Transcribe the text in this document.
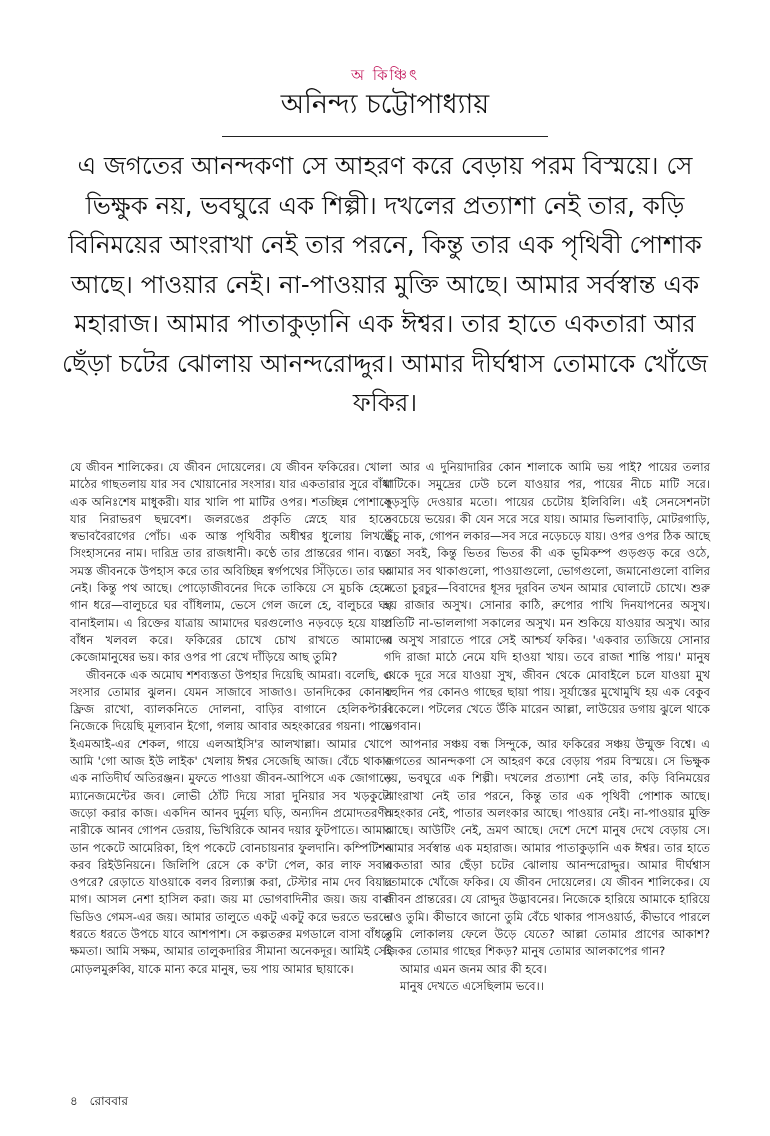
অ কিঞ্চিৎ
অনিন্দ্য চট্টোপাধ্যায়
এ জগতের আনন্দকণা সে আহরণ করে বেড়ায় পরম বিস্ময়ে। সে ভিক্ষুক নয়, ভবঘুরে এক শিল্পী। দখলের প্রত্যাশা নেই তার, কড়ি বিনিময়ের আংরাখা নেই তার পরনে, কিন্তু তার এক পৃথিবী পোশাক আছে। পাওয়ার নেই। না-পাওয়ার মুক্তি আছে। আমার সর্বস্বান্ত এক মহারাজ। আমার পাতাকুড়ানি এক ঈশ্বর। তার হাতে একতারা আর ছেঁড়া চটের ঝোলায় আনন্দরোদ্দুর। আমার দীর্ঘশ্বাস তোমাকে খোঁজে ফকির।

যে জীবন শালিকের। যে জীবন দোয়েলের। যে জীবন ফকিরের। খোলা মাঠের গাছতলায় যার সব খোয়ানোর সংসার। যার একতারার সুরে বাঁধা এক অনিঃশেষ মাধুকরী। যার খালি পা মাটির ওপর। শতচ্ছিন্ন পোশাকে যার নিরাভরণ ছদ্মবেশ। জলরঙের প্রকৃতি স্নেহে যার হাতে স্বভাববৈরাগের পোঁচ। এক আস্ত পৃথিবীর অধীশ্বর ধুলোয় লিখছে সিংহাসনের নাম। দারিদ্র তার রাজধানী। কণ্ঠে তার প্রান্তরের গান। ব্যস্ত সমস্ত জীবনকে উপহাস করে তার অবিচ্ছিন্ন স্বর্গপথের সিঁড়িতে। তার ঘর নেই। কিন্তু পথ আছে। পোড়োজীবনের দিকে তাকিয়ে সে মুচকি হেসে গান ধরে—বালুচরে ঘর বাঁধিলাম, ভেসে গেল জলে হে, বালুচরে ঘর বানাইলাম। এ রিক্তের যাত্রায় আমাদের ঘরগুলোও নড়বড়ে হয়ে যায়। বাঁধন খলবল করে। ফকিরের চোখে চোখ রাখতে আমাদের কেজোমানুষের ভয়। কার ওপর পা রেখে দাঁড়িয়ে আছ তুমি?

জীবনকে এক অমোঘ শশব্যস্ততা উপহার দিয়েছি আমরা। বলেছি, এ সংসার তোমার ঝুলন। যেমন সাজাবে সাজাও। ডানদিকের কোনায় ফ্রিজ রাখো, ব্যালকনিতে দোলনা, বাড়ির বাগানে হেলিকপ্টার। নিজেকে দিয়েছি মূল্যবান ইগো, গলায় আবার অহংকারের গয়না। পায়ে ইএমআই-এর শেকল, গায়ে এলআইসি'র আলখাল্লা। আমার খোপে আমি 'গো আজ ইউ লাইক' খেলায় ঈশ্বর সেজেছি আজ। বেঁচে থাকার এক নাতিদীর্ঘ অতিরঞ্জন। মুফতে পাওয়া জীবন-আপিসে এক জোগাড়ে ম্যানেজমেন্টের জব। লোভী ঠোঁট দিয়ে সারা দুনিয়ার সব খড়কুটো জড়ো করার কাজ। একদিন আনব দুর্মূল্য ঘড়ি, অন্যদিন প্রমোদতরণী। নারীকে আনব গোপন ডেরায়, ভিখিরিকে আনব দয়ার ফুটপাতে। আমার ডান পকেটে আমেরিকা, হিপ পকেটে বোনচায়নার ফুলদানি। কম্পিটিশন করব রিইউনিয়নে। জিলিপি রেসে কে ক'টা পেল, কার লাফ সবার ওপরে? রেড়াতে যাওয়াকে বলব রিল্যাক্স করা, টেস্টার নাম দেব বিয়ার মাগ। আসল নেশা হাসিল করা। জয় মা ভোগবাদিনীর জয়। জয় বাবা ভিডিও গেমস-এর জয়। আমার তালুতে একটু একটু করে ভরতে ভরতে ধরতে ধরতে উপচে যাবে আশপাশ। সে কল্পতরুর মগডালে বাসা বাঁধবে ক্ষমতা। আমি সক্ষম, আমার তালুকদারির সীমানা অনেকদূর। আমিই সেই মোড়লমুরুব্বি, যাকে মান্য করে মানুষ, ভয় পায় আমার ছায়াকে।

আর এ দুনিয়াদারির কোন শালাকে আমি ভয় পাই? পায়ের তলার মাটিকে। সমুদ্রের ঢেউ চলে যাওয়ার পর, পায়ের নীচে মাটি সরে। সুড়সুড়ি দেওয়ার মতো। পায়ের চেটোয় ইলিবিলি। এই সেনসেশনটা সবচেয়ে ভয়ের। কী যেন সরে সরে যায়। আমার ভিলাবাড়ি, মোটরগাড়ি, উঁচু নাক, গোপন লকার—সব সরে নড়েচড়ে যায়। ওপর ওপর ঠিক আছে তো সবই, কিন্তু ভিতর ভিতর কী এক ভূমিকম্প গুড়গুড় করে ওঠে, আমার সব থাকাগুলো, পাওয়াগুলো, ভোগগুলো, জমানোগুলো বালির মতো চুরচুর—বিবাদের ধূসর দূরবিন তখন আমার ঘোলাটে চোখে। শুরু হয় রাজার অসুখ। সোনার কাঠি, রুপোর পাখি দিনযাপনের অসুখ। প্রতিটি না-ভাললাগা সকালের অসুখ। মন শুকিয়ে যাওয়ার অসুখ। আর এ অসুখ সারাতে পারে সেই আশ্চর্য ফকির। 'একবার ত্যজিয়ে সোনার গদি রাজা মাঠে নেমে যদি হাওয়া খায়। তবে রাজা শান্তি পায়।' মানুষ থেকে দূরে সরে যাওয়া সুখ, জীবন থেকে মোবাইলে চলে যাওয়া মুখ বহুদিন পর কোনও গাছের ছায়া পায়। সূর্যাস্তের মুখোমুখি হয় এক বেকুব বিকেলে। পটলের খেতে উঁকি মারেন আল্লা, লাউয়ের ডগায় ঝুলে থাকে ভগবান।

আপনার সঞ্চয় বন্ধ সিন্দুকে, আর ফকিরের সঞ্চয় উন্মুক্ত বিশ্বে। এ জগতের আনন্দকণা সে আহরণ করে বেড়ায় পরম বিস্ময়ে। সে ভিক্ষুক নয়, ভবঘুরে এক শিল্পী। দখলের প্রত্যাশা নেই তার, কড়ি বিনিময়ের আংরাখা নেই তার পরনে, কিন্তু তার এক পৃথিবী পোশাক আছে। অহংকার নেই, পাতার অলংকার আছে। পাওয়ার নেই। না-পাওয়ার মুক্তি আছে। আউটিং নেই, ভ্রমণ আছে। দেশে দেশে মানুষ দেখে বেড়ায় সে। আমার সর্বস্বান্ত এক মহারাজ। আমার পাতাকুড়ানি এক ঈশ্বর। তার হাতে একতারা আর ছেঁড়া চটের ঝোলায় আনন্দরোদ্দুর। আমার দীর্ঘশ্বাস তোমাকে খোঁজে ফকির। যে জীবন দোয়েলের। যে জীবন শালিকের। যে জীবন প্রান্তরের। যে রোদ্দুর উদ্ভাবনের। নিজেকে হারিয়ে আমাকে হারিয়ে দাও তুমি। কীভাবে জানো তুমি বেঁচে থাকার পাসওয়ার্ড, কীভাবে পারলে তুমি লোকালয় ফেলে উড়ে যেতে? আল্লা তোমার প্রাণের আকাশ? জিকর তোমার গাছের শিকড়? মানুষ তোমার আলকাপের গান?

আমার এমন জনম আর কী হবে।

মানুষ দেখতে এসেছিলাম ভবে।।

৪ রোববার
